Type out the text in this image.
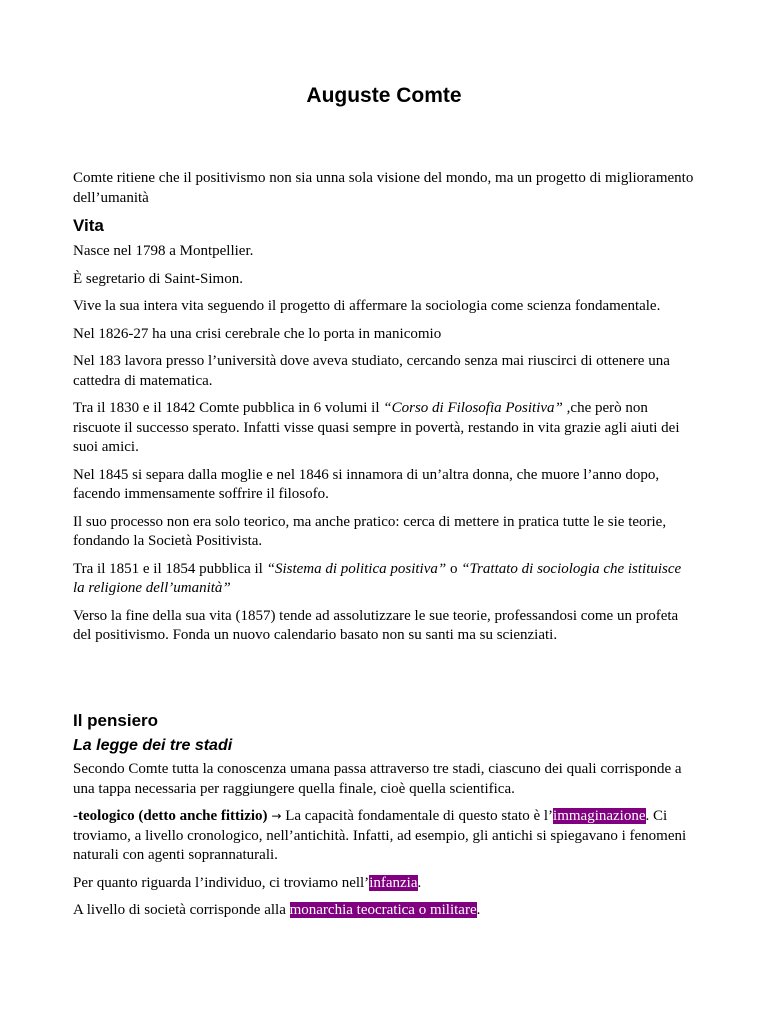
Auguste Comte

Comte ritiene che il positivismo non sia unna sola visione del mondo, ma un progetto di miglioramento dell’umanità

Vita

Nasce nel 1798 a Montpellier.

È segretario di Saint-Simon.

Vive la sua intera vita seguendo il progetto di affermare la sociologia come scienza fondamentale.

Nel 1826-27 ha una crisi cerebrale che lo porta in manicomio

Nel 183 lavora presso l’università dove aveva studiato, cercando senza mai riuscirci di ottenere una cattedra di matematica.

Tra il 1830 e il 1842 Comte pubblica in 6 volumi il “Corso di Filosofia Positiva” ,che però non riscuote il successo sperato. Infatti visse quasi sempre in povertà, restando in vita grazie agli aiuti dei suoi amici.

Nel 1845 si separa dalla moglie e nel 1846 si innamora di un’altra donna, che muore l’anno dopo, facendo immensamente soffrire il filosofo.

Il suo processo non era solo teorico, ma anche pratico: cerca di mettere in pratica tutte le sie teorie, fondando la Società Positivista.

Tra il 1851 e il 1854 pubblica il “Sistema di politica positiva” o “Trattato di sociologia che istituisce la religione dell’umanità”

Verso la fine della sua vita (1857) tende ad assolutizzare le sue teorie, professandosi come un profeta del positivismo. Fonda un nuovo calendario basato non su santi ma su scienziati.

Il pensiero
La legge dei tre stadi

Secondo Comte tutta la conoscenza umana passa attraverso tre stadi, ciascuno dei quali corrisponde a una tappa necessaria per raggiungere quella finale, cioè quella scientifica.

-teologico (detto anche fittizio) → La capacità fondamentale di questo stato è l’immaginazione. Ci troviamo, a livello cronologico, nell’antichità. Infatti, ad esempio, gli antichi si spiegavano i fenomeni naturali con agenti soprannaturali.

Per quanto riguarda l’individuo, ci troviamo nell’infanzia.

A livello di società corrisponde alla monarchia teocratica o militare.
